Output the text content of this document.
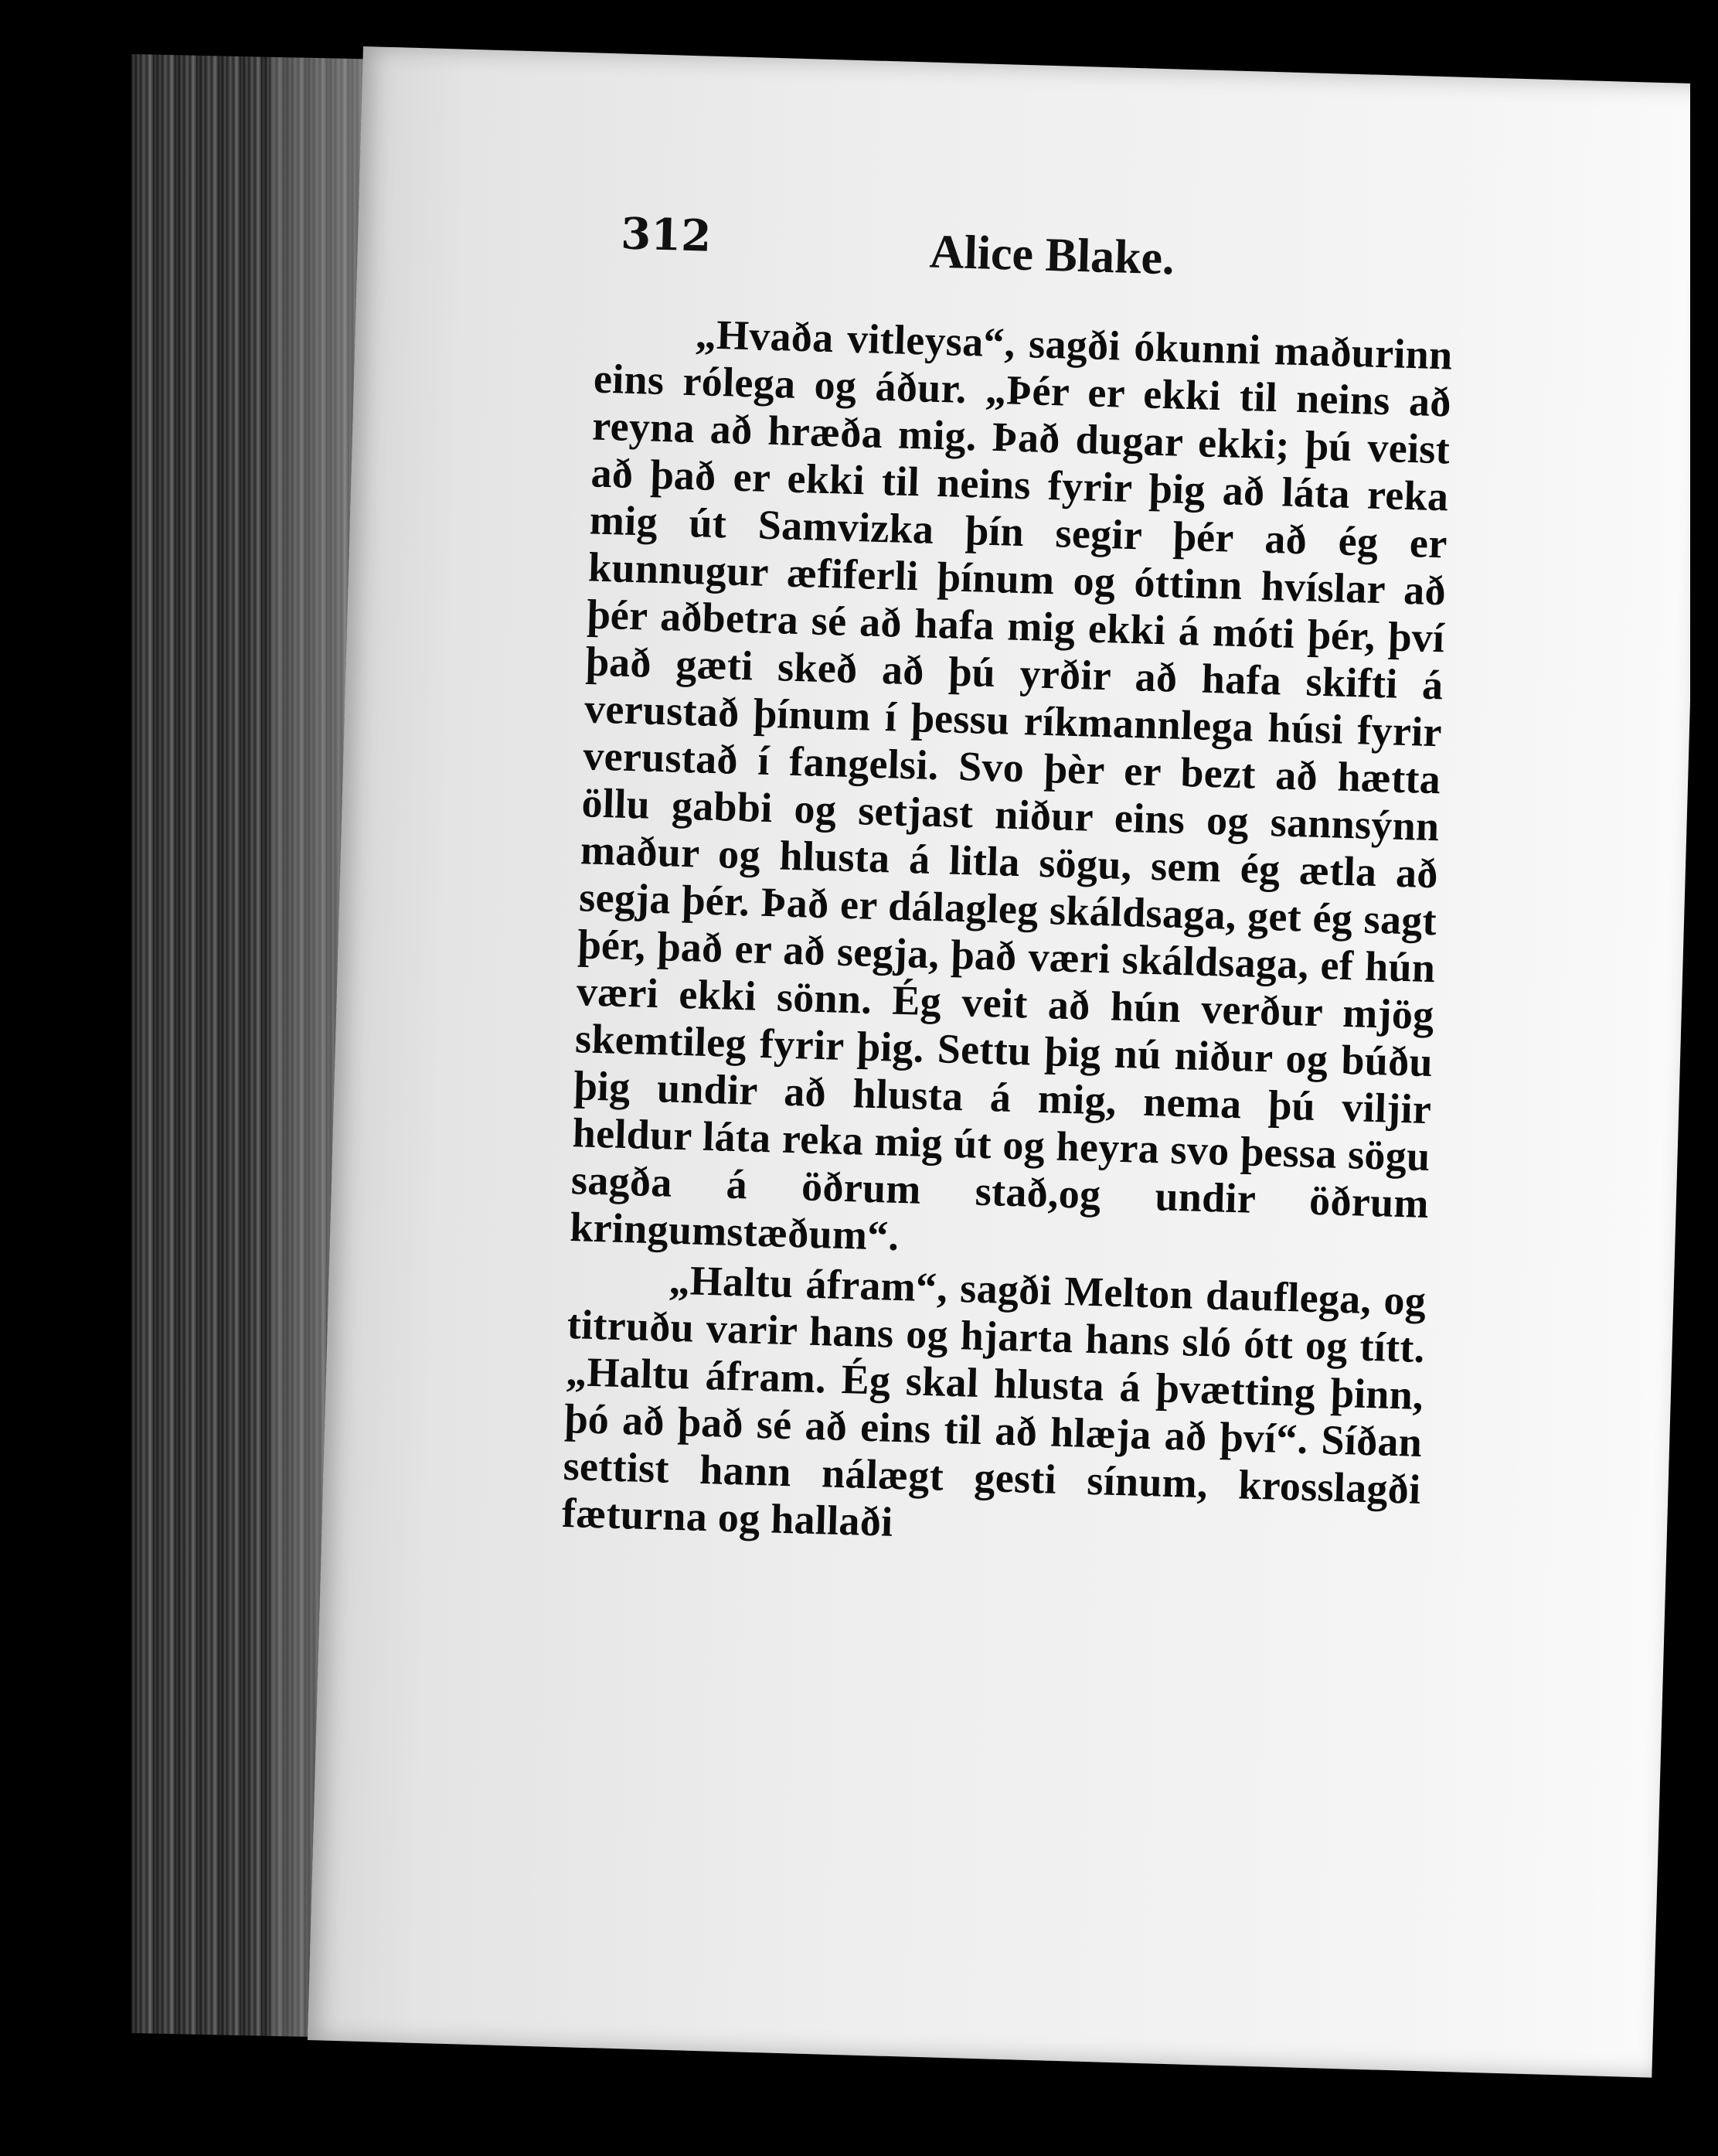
312	Alice Blake.

„Hvaða vitleysa“, sagði ókunni maðurinn eins rólega og áður. „Þér er ekki til neins að reyna að hræða mig. Það dugar ekki; þú veist að það er ekki til neins fyrir þig að láta reka mig út Samvizka þín segir þér að ég er kunnugur æfiferli þínum og óttinn hvíslar að þér aðbetra sé að hafa mig ekki á móti þér, því það gæti skeð að þú yrðir að hafa skifti á verustað þínum í þessu ríkmannlega húsi fyrir verustað í fangelsi. Svo þèr er bezt að hætta öllu gabbi og setjast niður eins og sannsýnn maður og hlusta á litla sögu, sem ég ætla að segja þér. Það er dálagleg skáldsaga, get ég sagt þér, það er að segja, það væri skáldsaga, ef hún væri ekki sönn. Ég veit að hún verður mjög skemtileg fyrir þig. Settu þig nú niður og búðu þig undir að hlusta á mig, nema þú viljir heldur láta reka mig út og heyra svo þessa sögu sagða á öðrum stað,og undir öðrum kringumstæðum“.

„Haltu áfram“, sagði Melton dauflega, og titruðu varir hans og hjarta hans sló ótt og títt. „Haltu áfram. Ég skal hlusta á þvætting þinn, þó að það sé að eins til að hlæja að því“. Síðan settist hann nálægt gesti sínum, krosslagði fæturna og hallaði
